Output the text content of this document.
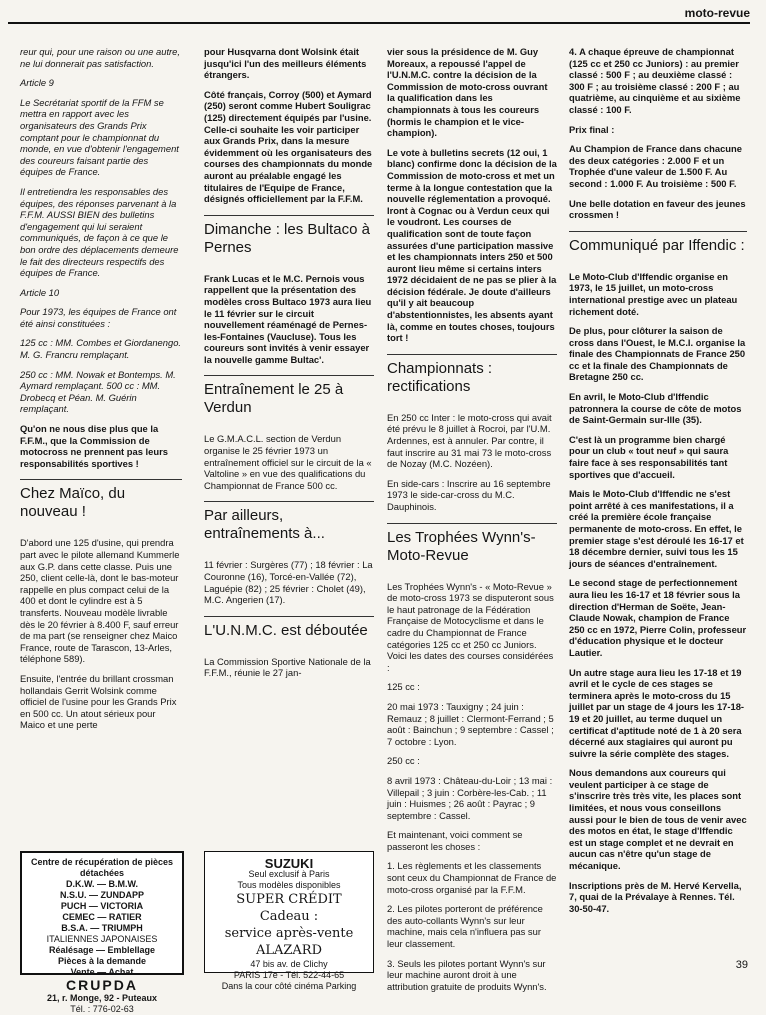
moto-revue

reur qui, pour une raison ou une autre, ne lui donnerait pas satisfaction.

Article 9

Le Secrétariat sportif de la FFM se mettra en rapport avec les organisateurs des Grands Prix comptant pour le championnat du monde, en vue d'obtenir l'engagement des coureurs faisant partie des équipes de France.

Il entretiendra les responsables des équipes, des réponses parvenant à la F.F.M. AUSSI BIEN des bulletins d'engagement qui lui seraient communiqués, de façon à ce que le bon ordre des déplacements demeure le fait des directeurs respectifs des équipes de France.

Article 10

Pour 1973, les équipes de France ont été ainsi constituées :

125 cc : MM. Combes et Giordanengo. M. G. Francru remplaçant.

250 cc : MM. Nowak et Bontemps. M. Aymard remplaçant. 500 cc : MM. Drobecq et Péan. M. Guérin remplaçant.

Qu'on ne nous dise plus que la F.F.M., que la Commission de motocross ne prennent pas leurs responsabilités sportives !

Chez Maïco, du nouveau !

D'abord une 125 d'usine, qui prendra part avec le pilote allemand Kummerle aux G.P. dans cette classe. Puis une 250, client celle-là, dont le bas-moteur rappelle en plus compact celui de la 400 et dont le cylindre est à 5 transferts. Nouveau modèle livrable dès le 20 février à 8.400 F, sauf erreur de ma part (se renseigner chez Maico France, route de Tarascon, 13-Arles, téléphone 589).

Ensuite, l'entrée du brillant crossman hollandais Gerrit Wolsink comme officiel de l'usine pour les Grands Prix en 500 cc. Un atout sérieux pour Maico et une perte

pour Husqvarna dont Wolsink était jusqu'ici l'un des meilleurs éléments étrangers.

Côté français, Corroy (500) et Aymard (250) seront comme Hubert Souligrac (125) directement équipés par l'usine. Celle-ci souhaite les voir participer aux Grands Prix, dans la mesure évidemment où les organisateurs des courses des championnats du monde auront au préalable engagé les titulaires de l'Equipe de France, désignés officiellement par la F.F.M.

Dimanche : les Bultaco à Pernes

Frank Lucas et le M.C. Pernois vous rappellent que la présentation des modèles cross Bultaco 1973 aura lieu le 11 février sur le circuit nouvellement réaménagé de Pernes-les-Fontaines (Vaucluse). Tous les coureurs sont invités à venir essayer la nouvelle gamme Bultac'.

Entraînement le 25 à Verdun

Le G.M.A.C.L. section de Verdun organise le 25 février 1973 un entraînement officiel sur le circuit de la « Valtoline » en vue des qualifications du Championnat de France 500 cc.

Par ailleurs, entraînements à...

11 février : Surgères (77) ; 18 février : La Couronne (16), Torcé-en-Vallée (72), Laguépie (82) ; 25 février : Cholet (49), M.C. Angerien (17).

L'U.N.M.C. est déboutée

La Commission Sportive Nationale de la F.F.M., réunie le 27 jan-

vier sous la présidence de M. Guy Moreaux, a repoussé l'appel de l'U.N.M.C. contre la décision de la Commission de moto-cross ouvrant la qualification dans les championnats à tous les coureurs (hormis le champion et le vice-champion).

Le vote à bulletins secrets (12 oui, 1 blanc) confirme donc la décision de la Commission de moto-cross et met un terme à la longue contestation que la nouvelle réglementation a provoqué. Iront à Cognac ou à Verdun ceux qui le voudront. Les courses de qualification sont de toute façon assurées d'une participation massive et les championnats inters 250 et 500 auront lieu même si certains inters 1972 décidaient de ne pas se plier à la décision fédérale. Je doute d'ailleurs qu'il y ait beaucoup d'abstentionnistes, les absents ayant là, comme en toutes choses, toujours tort !

Championnats : rectifications

En 250 cc Inter : le moto-cross qui avait été prévu le 8 juillet à Rocroi, par l'U.M. Ardennes, est à annuler. Par contre, il faut inscrire au 31 mai 73 le moto-cross de Nozay (M.C. Nozéen).

En side-cars : Inscrire au 16 septembre 1973 le side-car-cross du M.C. Dauphinois.

Les Trophées Wynn's-Moto-Revue

Les Trophées Wynn's - « Moto-Revue » de moto-cross 1973 se disputeront sous le haut patronage de la Fédération Française de Motocyclisme et dans le cadre du Championnat de France catégories 125 cc et 250 cc Juniors. Voici les dates des courses considérées :

125 cc :

20 mai 1973 : Tauxigny ; 24 juin : Remauz ; 8 juillet : Clermont-Ferrand ; 5 août : Bainchun ; 9 septembre : Cassel ; 7 octobre : Lyon.

250 cc :

8 avril 1973 : Château-du-Loir ; 13 mai : Villepail ; 3 juin : Corbère-les-Cab. ; 11 juin : Huismes ; 26 août : Payrac ; 9 septembre : Cassel.

Et maintenant, voici comment se passeront les choses :

1. Les règlements et les classements sont ceux du Championnat de France de moto-cross organisé par la F.F.M.

2. Les pilotes porteront de préférence des auto-collants Wynn's sur leur machine, mais cela n'influera pas sur leur classement.

3. Seuls les pilotes portant Wynn's sur leur machine auront droit à une attribution gratuite de produits Wynn's.

4. A chaque épreuve de championnat (125 cc et 250 cc Juniors) : au premier classé : 500 F ; au deuxième classé : 300 F ; au troisième classé : 200 F ; au quatrième, au cinquième et au sixième classé : 100 F.

Prix final :

Au Champion de France dans chacune des deux catégories : 2.000 F et un Trophée d'une valeur de 1.500 F. Au second : 1.000 F. Au troisième : 500 F.

Une belle dotation en faveur des jeunes crossmen !

Communiqué par Iffendic :

Le Moto-Club d'Iffendic organise en 1973, le 15 juillet, un moto-cross international prestige avec un plateau richement doté.

De plus, pour clôturer la saison de cross dans l'Ouest, le M.C.I. organise la finale des Championnats de France 250 cc et la finale des Championnats de Bretagne 250 cc.

En avril, le Moto-Club d'Iffendic patronnera la course de côte de motos de Saint-Germain sur-Ille (35).

C'est là un programme bien chargé pour un club « tout neuf » qui saura faire face à ses responsabilités tant sportives que d'accueil.

Mais le Moto-Club d'Iffendic ne s'est point arrêté à ces manifestations, il a créé la première école française permanente de moto-cross. En effet, le premier stage s'est déroulé les 16-17 et 18 décembre dernier, suivi tous les 15 jours de séances d'entraînement.

Le second stage de perfectionnement aura lieu les 16-17 et 18 février sous la direction d'Herman de Soëte, Jean-Claude Nowak, champion de France 250 cc en 1972, Pierre Colin, professeur d'éducation physique et le docteur Lautier.

Un autre stage aura lieu les 17-18 et 19 avril et le cycle de ces stages se terminera après le moto-cross du 15 juillet par un stage de 4 jours les 17-18-19 et 20 juillet, au terme duquel un certificat d'aptitude noté de 1 à 20 sera décerné aux stagiaires qui auront pu suivre la série complète des stages.

Nous demandons aux coureurs qui veulent participer à ce stage de s'inscrire très très vite, les places sont limitées, et nous vous conseillons aussi pour le bien de tous de venir avec des motos en état, le stage d'Iffendic est un stage complet et ne devrait en aucun cas n'être qu'un stage de mécanique.

Inscriptions près de M. Hervé Kervella, 7, quai de la Prévalaye à Rennes. Tél. 30-50-47.

Centre de récupération de pièces détachées
D.K.W. — B.M.W.
N.S.U. — ZUNDAPP
PUCH — VICTORIA
CEMEC — RATIER
B.S.A. — TRIUMPH
ITALIENNES JAPONAISES
Réalésage — Emblellage
Pièces à la demande
Vente — Achat
CRUPDA
21, r. Monge, 92 - Puteaux
Tél. : 776-02-63
SUZUKI
Seul exclusif à Paris
Tous modèles disponibles
SUPER CRÉDIT
Cadeau :
service après-vente
ALAZARD
47 bis av. de Clichy
PARIS 17e - Tél. 522-44-65
Dans la cour côté cinéma Parking
39
